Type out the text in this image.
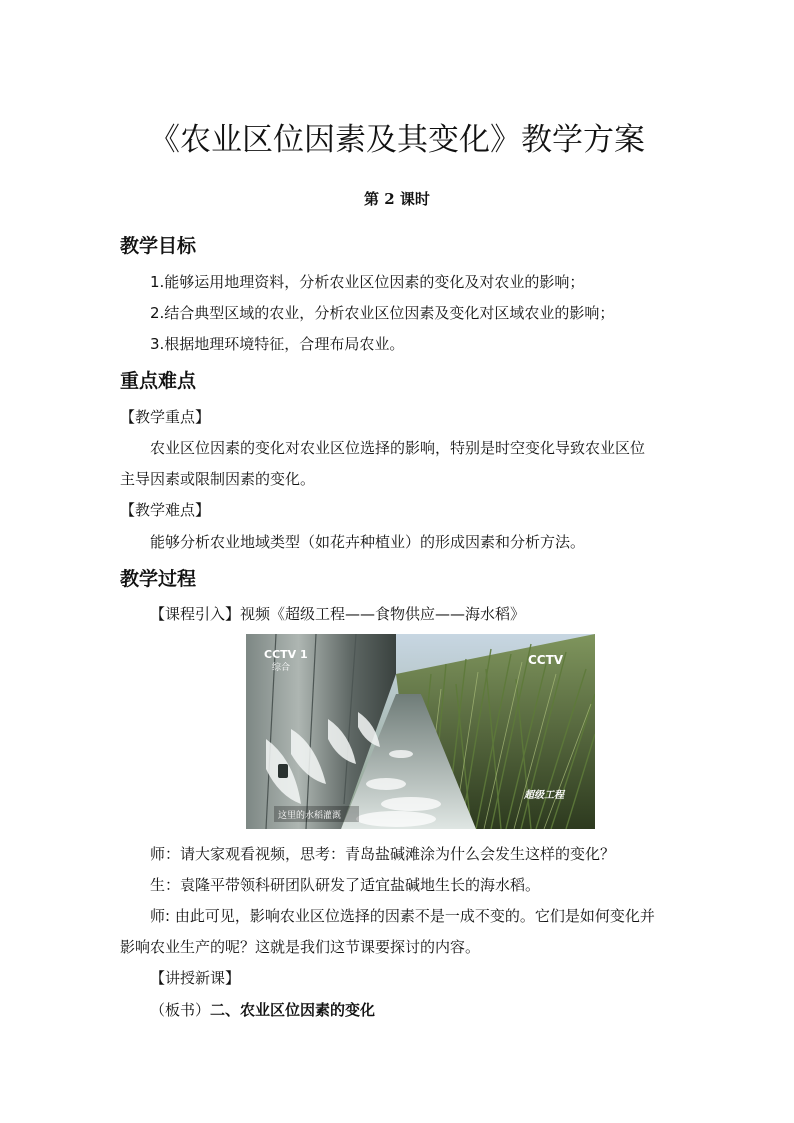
《农业区位因素及其变化》教学方案
第 2 课时
教学目标
1.能够运用地理资料，分析农业区位因素的变化及对农业的影响；
2.结合典型区域的农业，分析农业区位因素及变化对区域农业的影响；
3.根据地理环境特征，合理布局农业。
重点难点
【教学重点】
农业区位因素的变化对农业区位选择的影响，特别是时空变化导致农业区位
主导因素或限制因素的变化。
【教学难点】
能够分析农业地域类型（如花卉种植业）的形成因素和分析方法。
教学过程
【课程引入】视频《超级工程——食物供应——海水稻》
CCTV 1
综合
CCTV
超级工程
这里的水稻灌溉
师：请大家观看视频，思考：青岛盐碱滩涂为什么会发生这样的变化？
生：袁隆平带领科研团队研发了适宜盐碱地生长的海水稻。
师: 由此可见，影响农业区位选择的因素不是一成不变的。它们是如何变化并
影响农业生产的呢？这就是我们这节课要探讨的内容。
【讲授新课】
（板书）二、农业区位因素的变化
